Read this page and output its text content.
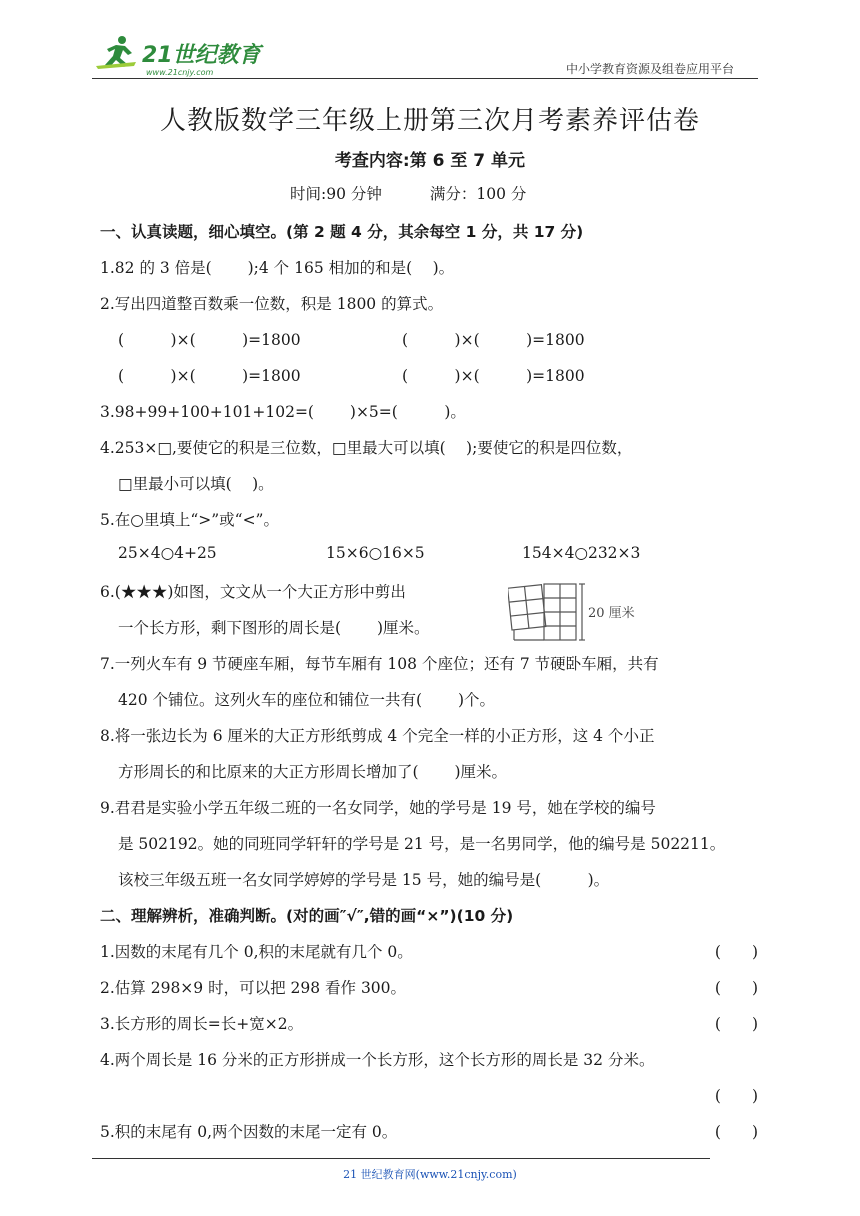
21世纪教育
www.21cnjy.com	中小学教育资源及组卷应用平台
人教版数学三年级上册第三次月考素养评估卷
考查内容:第 6 至 7 单元
时间:90 分钟	满分：100 分
一、认真读题，细心填空。(第 2 题 4 分，其余每空 1 分，共 17 分)
1.82 的 3 倍是(　　 );4 个 165 相加的和是(　 )。
2.写出四道整百数乘一位数，积是 1800 的算式。
(　　　)×(　　　)=1800	(　　　)×(　　　)=1800
(　　　)×(　　　)=1800	(　　　)×(　　　)=1800
3.98+99+100+101+102=(　　 )×5=(　　　)。
4.253×□,要使它的积是三位数，□里最大可以填(　 );要使它的积是四位数，
□里最小可以填(　 )。
5.在○里填上“>”或“<”。
25×4○4+25	15×6○16×5	154×4○232×3
6.(★★★)如图，文文从一个大正方形中剪出
一个长方形，剩下图形的周长是(　 　)厘米。
20 厘米
7.一列火车有 9 节硬座车厢，每节车厢有 108 个座位；还有 7 节硬卧车厢，共有
420 个铺位。这列火车的座位和铺位一共有(　　 )个。
8.将一张边长为 6 厘米的大正方形纸剪成 4 个完全一样的小正方形，这 4 个小正
方形周长的和比原来的大正方形周长增加了(　　 )厘米。
9.君君是实验小学五年级二班的一名女同学，她的学号是 19 号，她在学校的编号
是 502192。她的同班同学轩轩的学号是 21 号，是一名男同学，他的编号是 502211。
该校三年级五班一名女同学婷婷的学号是 15 号，她的编号是(　　　)。
二、理解辨析，准确判断。(对的画″√″,错的画“×”)(10 分)
1.因数的末尾有几个 0,积的末尾就有几个 0。	(　　)
2.估算 298×9 时，可以把 298 看作 300。	(　　)
3.长方形的周长=长+宽×2。	(　　)
4.两个周长是 16 分米的正方形拼成一个长方形，这个长方形的周长是 32 分米。
(　　)
5.积的末尾有 0,两个因数的末尾一定有 0。	(　　)
21 世纪教育网(www.21cnjy.com)
